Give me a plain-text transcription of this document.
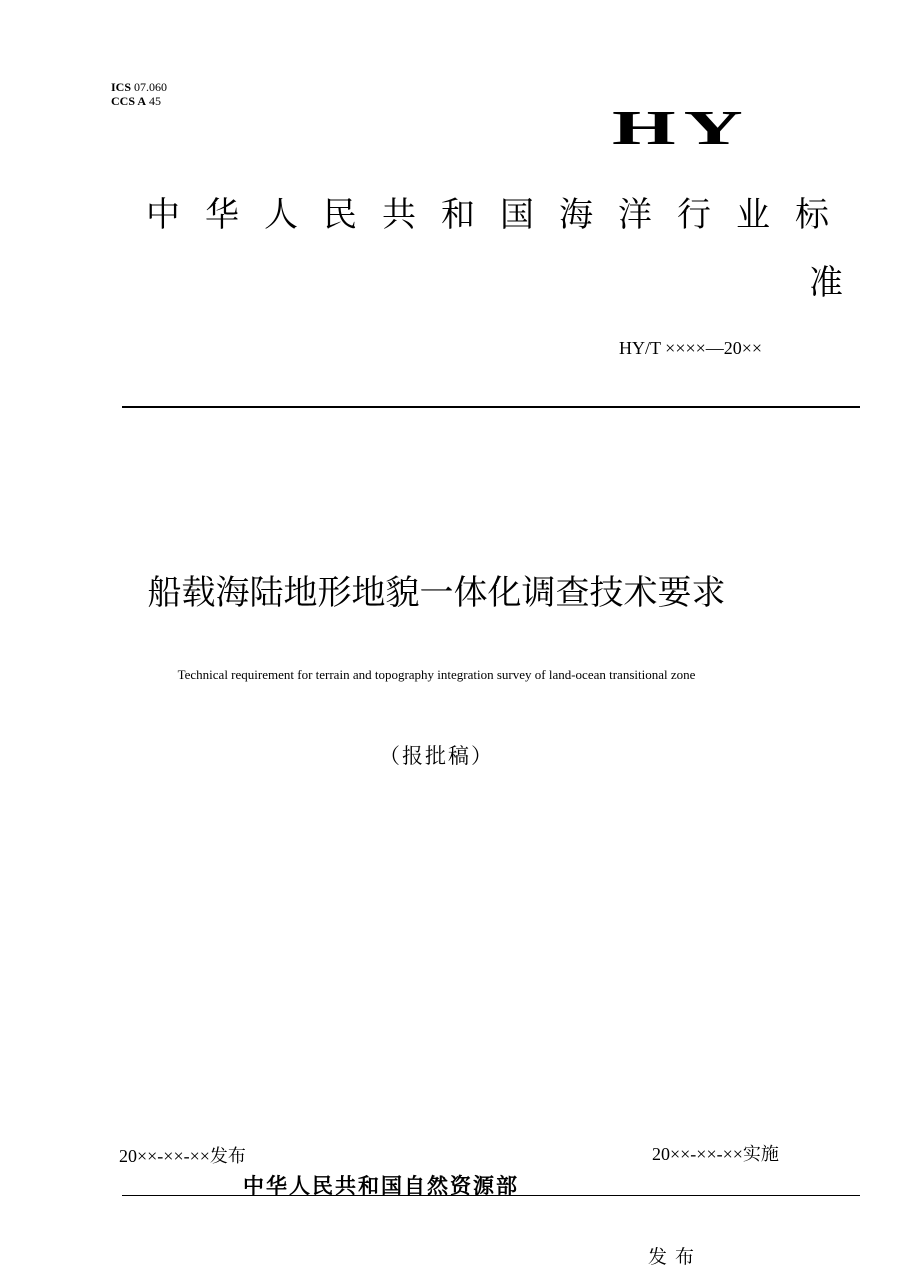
ICS 07.060
CCS A 45
HY
中华人民共和国海洋行业标
准
HY/T ××××—20××
船载海陆地形地貌一体化调查技术要求
Technical requirement for terrain and topography integration survey of land-ocean transitional zone
（报批稿）
20××-××-××发布	20××-××-××实施
中华人民共和国自然资源部
发布
